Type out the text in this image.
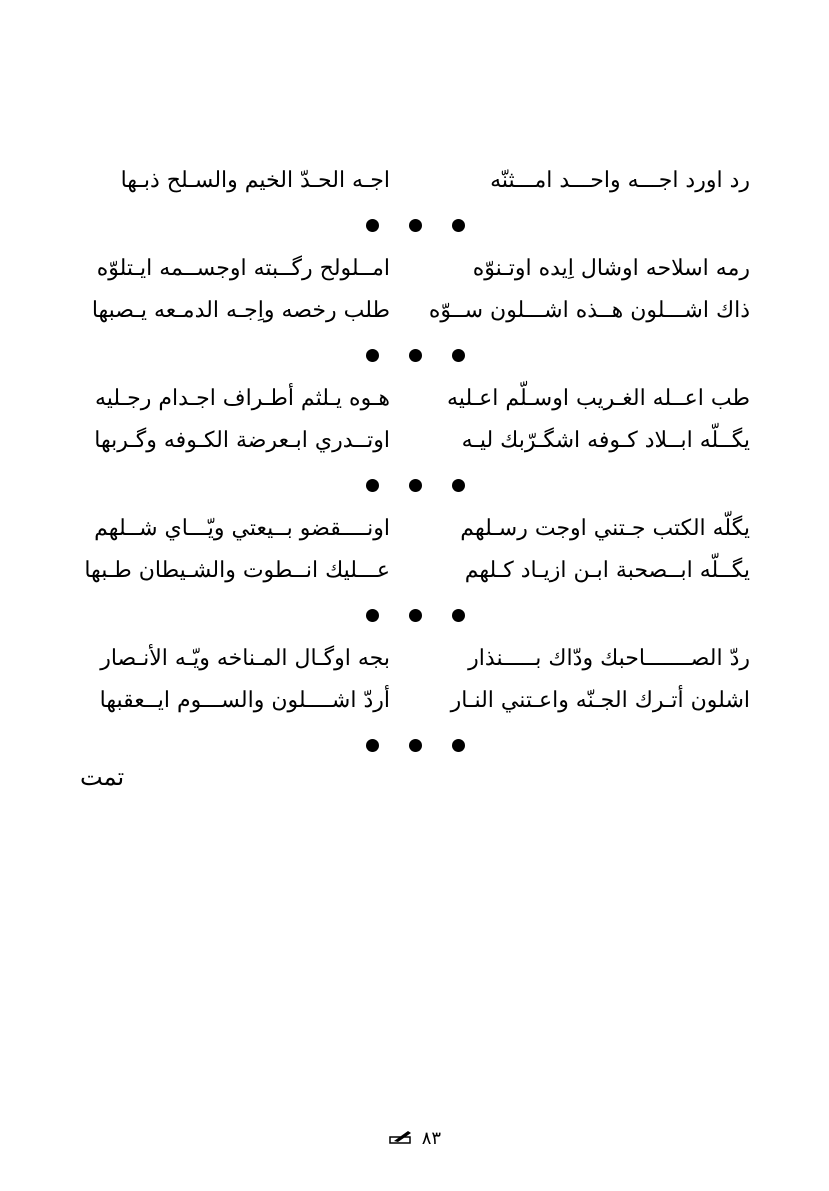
رد اورد اجـــه واحـــد امـــثنّه
اجـه الحـدّ الخيم والسـلح ذبـها
رمه اسلاحه اوشال اِيده اوتـنوّه
امــلولح رگــبته اوجســمه ايـتلوّه
ذاك اشـــلون هــذه اشـــلون ســوّه
طلب رخصه واِجـه الدمـعه يـصبها
طب اعــله الغـريب اوسـلّم اعـليه
هـوه يـلثم أطـراف اجـدام رجـليه
يگــلّه ابــلاد كـوفه اشگـرّبك ليـه
اوتــدري ابـعرضة الكـوفه وگـربها
يگلّه الكتب جـتني اوجت رسـلهم
اونــــقضو بــيعتي ويّـــاي شــلهم
يگــلّه ابــصحبة ابـن ازيـاد كـلهم
عـــليك انــطوت والشـيطان طـبها
ردّ الصـــــــاحبك ودّاك بـــــنذار
بجه اوگـال المـناخه ويّـه الأنـصار
اشلون أتـرك الجـنّه واعـتني النـار
أردّ اشــــلون والســـوم ايــعقبها
تمت
٨٣
